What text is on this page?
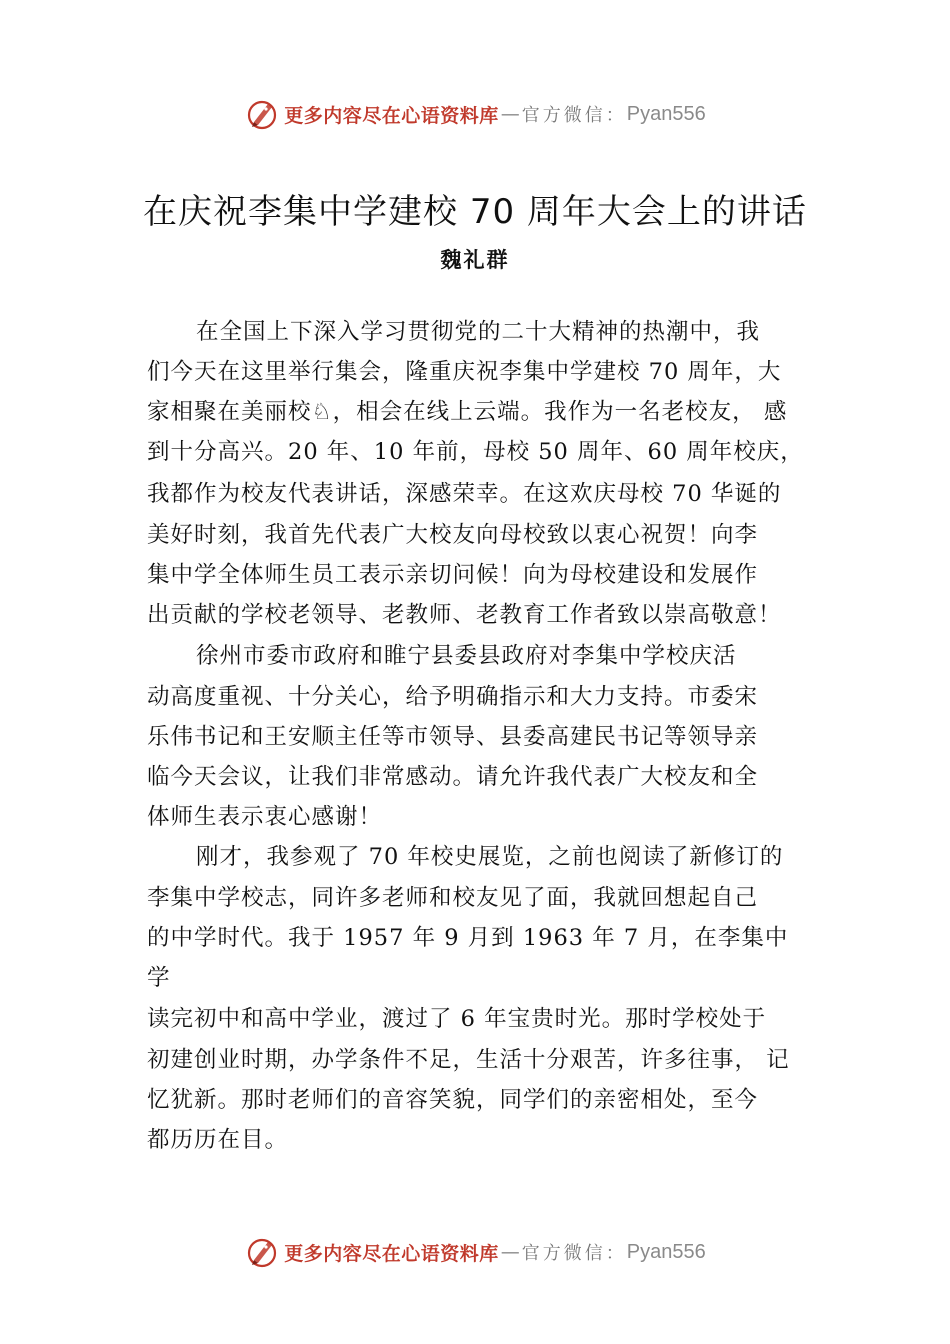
更多内容尽在心语资料库 — 官方微信： Pyan556
在庆祝李集中学建校 70 周年大会上的讲话
魏礼群
在全国上下深入学习贯彻党的二十大精神的热潮中，我
们今天在这里举行集会，隆重庆祝李集中学建校 70 周年，大
家相聚在美丽校♘，相会在线上云端。我作为一名老校友， 感
到十分高兴。20 年、10 年前，母校 50 周年、60 周年校庆，
我都作为校友代表讲话，深感荣幸。在这欢庆母校 70 华诞的
美好时刻，我首先代表广大校友向母校致以衷心祝贺！向李
集中学全体师生员工表示亲切问候！向为母校建设和发展作
出贡献的学校老领导、老教师、老教育工作者致以崇高敬意！
徐州市委市政府和睢宁县委县政府对李集中学校庆活
动高度重视、十分关心，给予明确指示和大力支持。市委宋
乐伟书记和王安顺主任等市领导、县委高建民书记等领导亲
临今天会议，让我们非常感动。请允许我代表广大校友和全
体师生表示衷心感谢！
刚才，我参观了 70 年校史展览，之前也阅读了新修订的
李集中学校志，同许多老师和校友见了面，我就回想起自己
的中学时代。我于 1957 年 9 月到 1963 年 7 月，在李集中
学
读完初中和高中学业，渡过了 6 年宝贵时光。那时学校处于
初建创业时期，办学条件不足，生活十分艰苦，许多往事， 记
忆犹新。那时老师们的音容笑貌，同学们的亲密相处，至今
都历历在目。
更多内容尽在心语资料库 — 官方微信： Pyan556
